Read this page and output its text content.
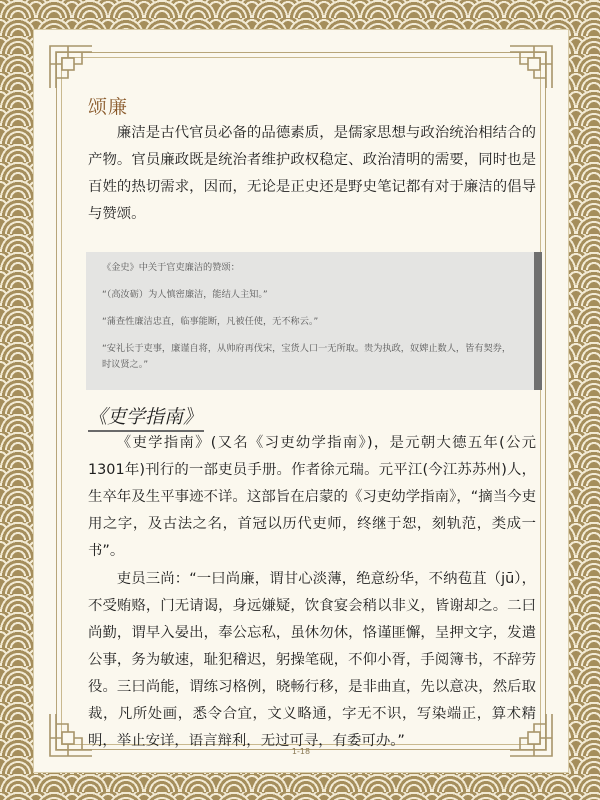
颂廉
廉洁是古代官员必备的品德素质，是儒家思想与政治统治相结合的产物。官员廉政既是统治者维护政权稳定、政治清明的需要，同时也是百姓的热切需求，因而，无论是正史还是野史笔记都有对于廉洁的倡导与赞颂。
《金史》中关于官吏廉洁的赞颂：
“（高汝砺）为人慎密廉洁，能结人主知。”
“蒲查性廉洁忠直，临事能断，凡被任使，无不称云。”
“安礼长于吏事，廉谨自将，从帅府再伐宋，宝货人口一无所取。贵为执政，奴婢止数人，皆有契券，时议贤之。”
《吏学指南》
《吏学指南》(又名《习吏幼学指南》)，是元朝大德五年(公元1301年)刊行的一部吏员手册。作者徐元瑞。元平江(今江苏苏州)人，生卒年及生平事迹不详。这部旨在启蒙的《习吏幼学指南》，“摘当今吏用之字，及古法之名，首冠以历代吏师，终继于恕，刻轨范，类成一书”。
吏员三尚：“一曰尚廉，谓甘心淡薄，绝意纷华，不纳苞苴（jū），不受贿赂，门无请谒，身远嫌疑，饮食宴会稍以非义，皆谢却之。二曰尚勤，谓早入晏出，奉公忘私，虽休勿休，恪谨匪懈，呈押文字，发遣公事，务为敏速，耻犯稽迟，躬操笔砚，不仰小胥，手阅簿书，不辞劳役。三曰尚能，谓练习格例，晓畅行移，是非曲直，先以意决，然后取裁，凡所处画，悉令合宜，文义略通，字无不识，写染端正，算术精明，举止安详，语言辩利，无过可寻，有委可办。”
1-18
